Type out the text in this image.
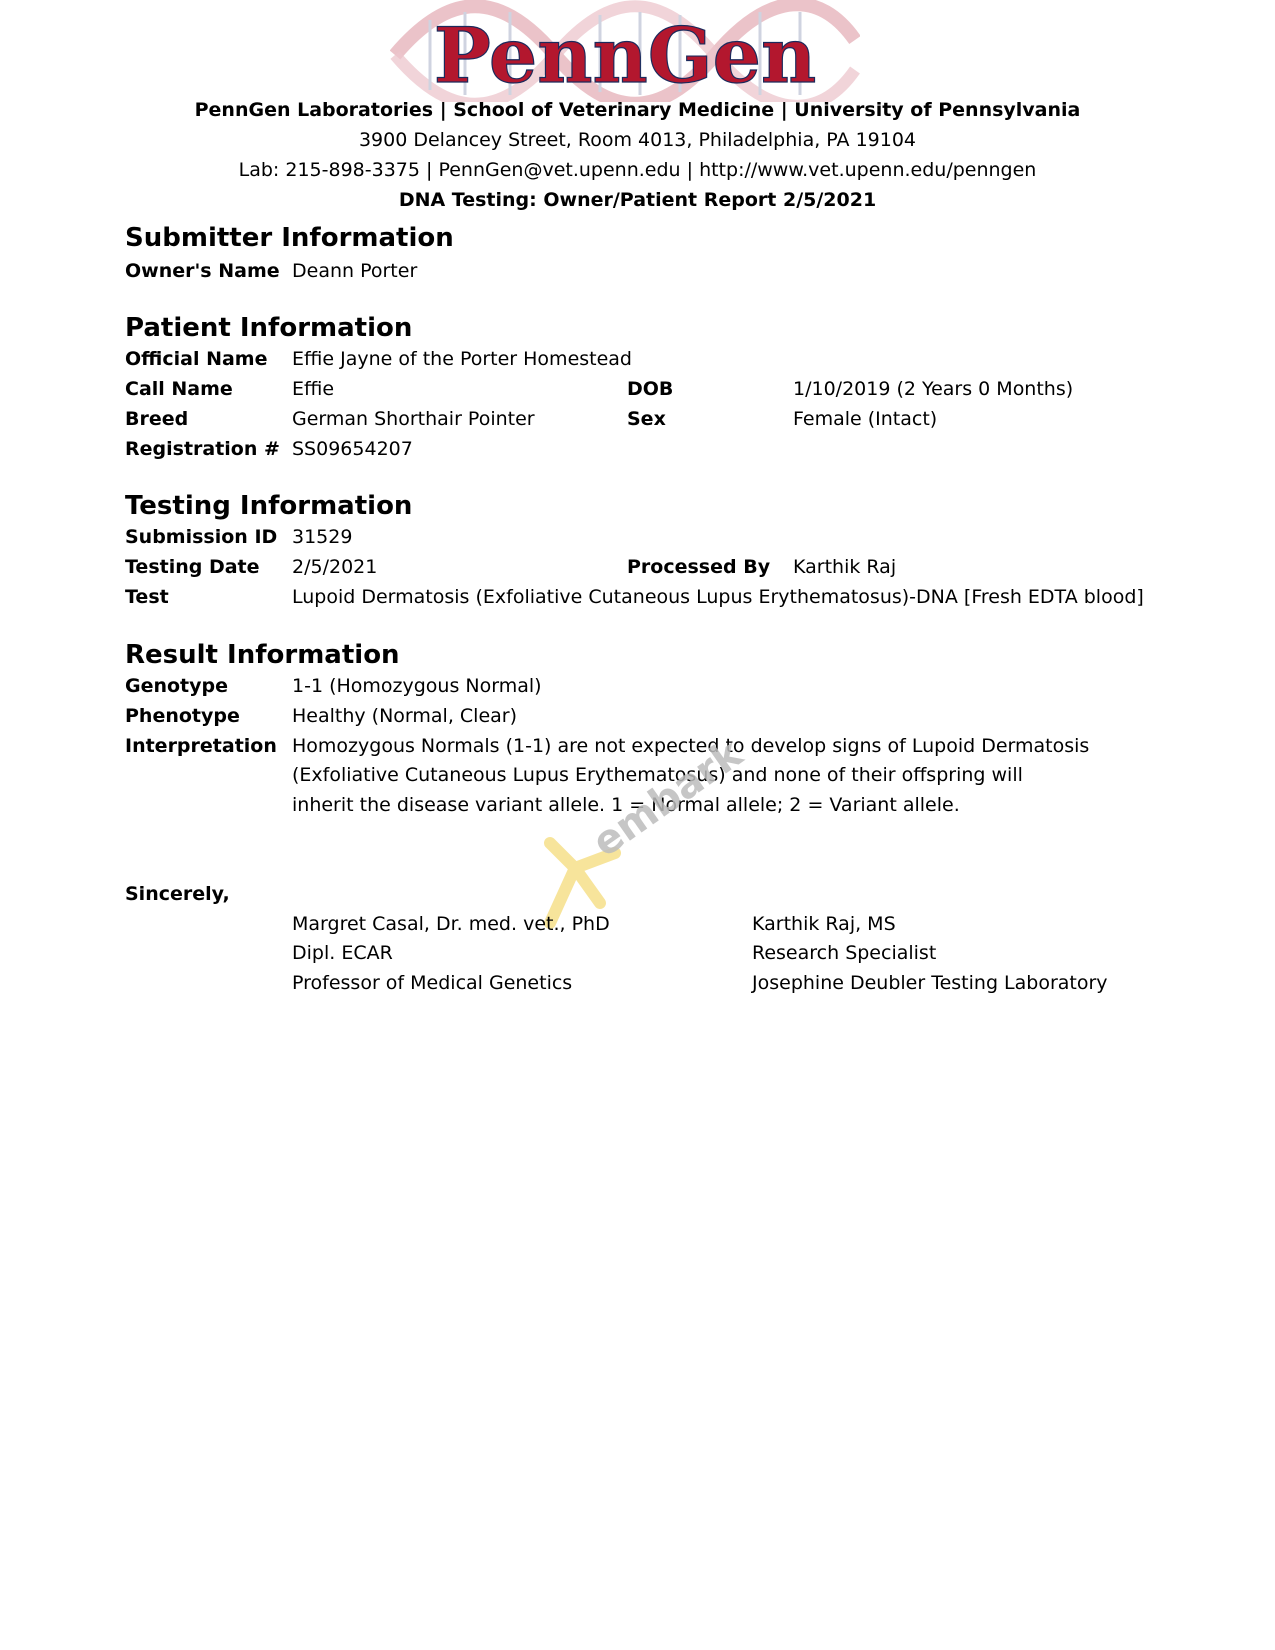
PennGen
PennGen Laboratories | School of Veterinary Medicine | University of Pennsylvania
3900 Delancey Street, Room 4013, Philadelphia, PA 19104
Lab: 215-898-3375 | PennGen@vet.upenn.edu | http://www.vet.upenn.edu/penngen
DNA Testing: Owner/Patient Report 2/5/2021
Submitter Information
Owner's Name Deann Porter
Patient Information
Official Name Effie Jayne of the Porter Homestead
Call Name	Effie	DOB	1/10/2019 (2 Years 0 Months)
Breed	German Shorthair Pointer	Sex	Female (Intact)
Registration # SS09654207
Testing Information
Submission ID 31529
Testing Date 2/5/2021	Processed By Karthik Raj
Test	Lupoid Dermatosis (Exfoliative Cutaneous Lupus Erythematosus)-DNA [Fresh EDTA blood]
Result Information
Genotype	1-1 (Homozygous Normal)
Phenotype	Healthy (Normal, Clear)
Interpretation Homozygous Normals (1-1) are not expected to develop signs of Lupoid Dermatosis
(Exfoliative Cutaneous Lupus Erythematosus) and none of their offspring will
inherit the disease variant allele. 1 = Normal allele; 2 = Variant allele.
embark
Sincerely,
Margret Casal, Dr. med. vet., PhD
Dipl. ECAR
Professor of Medical Genetics
Karthik Raj, MS
Research Specialist
Josephine Deubler Testing Laboratory
